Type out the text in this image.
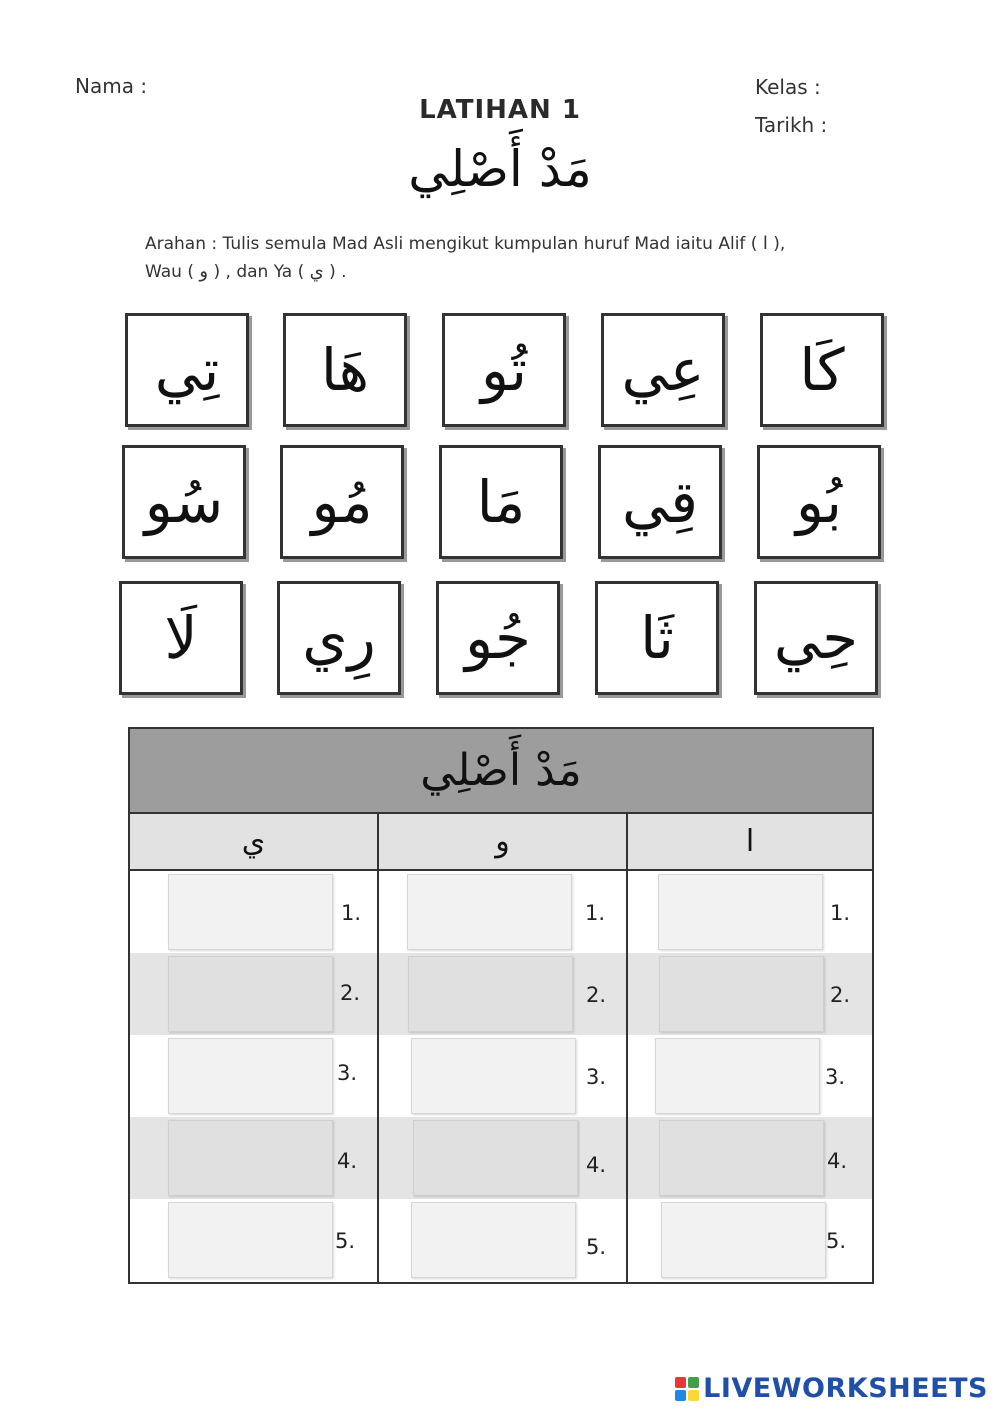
Nama :	Kelas :
Tarikh :
LATIHAN 1
مَدْ أَصْلِي
Arahan : Tulis semula Mad Asli mengikut kumpulan huruf Mad iaitu Alif ( ا ),
Wau ( و ) , dan Ya ( ي ) .
تِي	هَا	تُو	عِي	كَا
سُو	مُو	مَا	قِي	بُو
لَا	رِي	جُو	ثَا	حِي
مَدْ أَصْلِي
ي	و	ا
1.	1.	1.
2.	2.	2.
3.	3.	3.
4.	4.	4.
5.	5.	5.
LIVEWORKSHEETS
